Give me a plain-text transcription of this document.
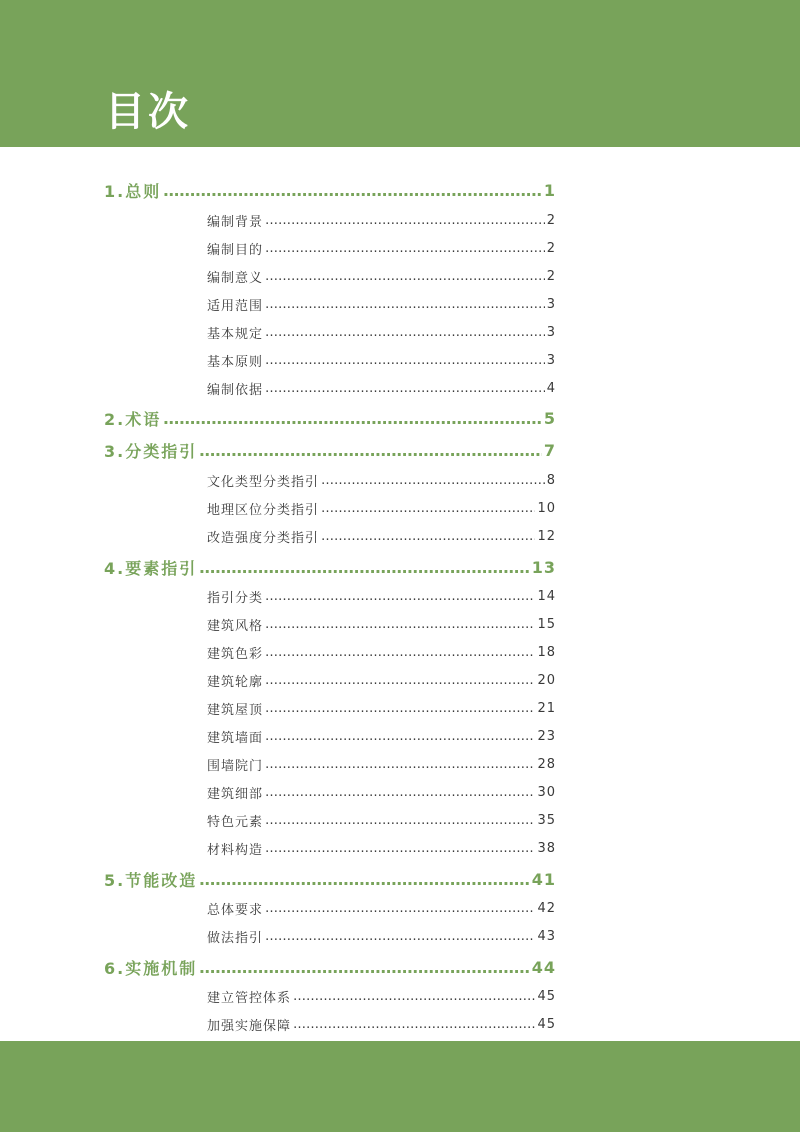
目次
1.总则 ……………………………………………………………………………………………………………………………………	1
编制背景 ……………………………………………………………………………………………………………………………………	2
编制目的 ……………………………………………………………………………………………………………………………………	2
编制意义 ……………………………………………………………………………………………………………………………………	2
适用范围 ……………………………………………………………………………………………………………………………………	3
基本规定 ……………………………………………………………………………………………………………………………………	3
基本原则 ……………………………………………………………………………………………………………………………………	3
编制依据 ……………………………………………………………………………………………………………………………………	4
2.术语 ……………………………………………………………………………………………………………………………………	5
3.分类指引 ……………………………………………………………………………………………………………………………………	7
文化类型分类指引 ……………………………………………………………………………………………………………………………………	8
地理区位分类指引 ……………………………………………………………………………………………………………………………………	10
改造强度分类指引 ……………………………………………………………………………………………………………………………………	12
4.要素指引 ……………………………………………………………………………………………………………………………………	13
指引分类 ……………………………………………………………………………………………………………………………………	14
建筑风格 ……………………………………………………………………………………………………………………………………	15
建筑色彩 ……………………………………………………………………………………………………………………………………	18
建筑轮廓 ……………………………………………………………………………………………………………………………………	20
建筑屋顶 ……………………………………………………………………………………………………………………………………	21
建筑墙面 ……………………………………………………………………………………………………………………………………	23
围墙院门 ……………………………………………………………………………………………………………………………………	28
建筑细部 ……………………………………………………………………………………………………………………………………	30
特色元素 ……………………………………………………………………………………………………………………………………	35
材料构造 ……………………………………………………………………………………………………………………………………	38
5.节能改造 ……………………………………………………………………………………………………………………………………	41
总体要求 ……………………………………………………………………………………………………………………………………	42
做法指引 ……………………………………………………………………………………………………………………………………	43
6.实施机制 ……………………………………………………………………………………………………………………………………	44
建立管控体系 ……………………………………………………………………………………………………………………………………	45
加强实施保障 ……………………………………………………………………………………………………………………………………	45
